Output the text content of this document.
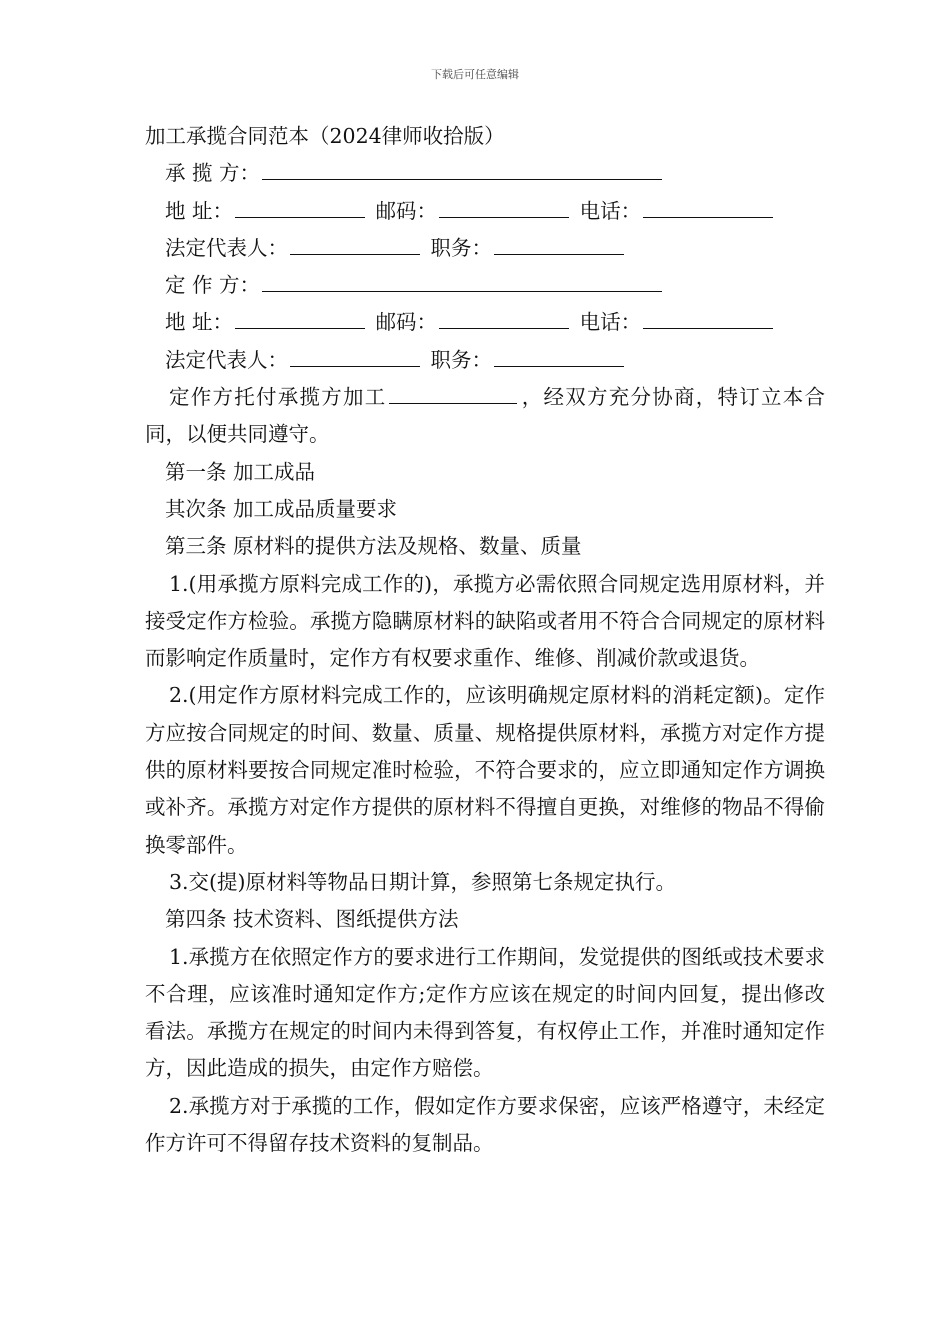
下载后可任意编辑
加工承揽合同范本（2024律师收拾版）
承 揽 方：
地 址：	邮码：	电话：
法定代表人：	职务：
定 作 方：
地 址：	邮码：	电话：
法定代表人：	职务：
定作方托付承揽方加工	，经双方充分协商，特订立本合同，以便共同遵守。
第一条 加工成品
其次条 加工成品质量要求
第三条 原材料的提供方法及规格、数量、质量
1.(用承揽方原料完成工作的)，承揽方必需依照合同规定选用原材料，并接受定作方检验。承揽方隐瞒原材料的缺陷或者用不符合合同规定的原材料而影响定作质量时，定作方有权要求重作、维修、削减价款或退货。
2.(用定作方原材料完成工作的，应该明确规定原材料的消耗定额)。定作方应按合同规定的时间、数量、质量、规格提供原材料，承揽方对定作方提供的原材料要按合同规定准时检验，不符合要求的，应立即通知定作方调换或补齐。承揽方对定作方提供的原材料不得擅自更换，对维修的物品不得偷换零部件。
3.交(提)原材料等物品日期计算，参照第七条规定执行。
第四条 技术资料、图纸提供方法
1.承揽方在依照定作方的要求进行工作期间，发觉提供的图纸或技术要求不合理，应该准时通知定作方;定作方应该在规定的时间内回复，提出修改看法。承揽方在规定的时间内未得到答复，有权停止工作，并准时通知定作方，因此造成的损失，由定作方赔偿。
2.承揽方对于承揽的工作，假如定作方要求保密，应该严格遵守，未经定作方许可不得留存技术资料的复制品。
